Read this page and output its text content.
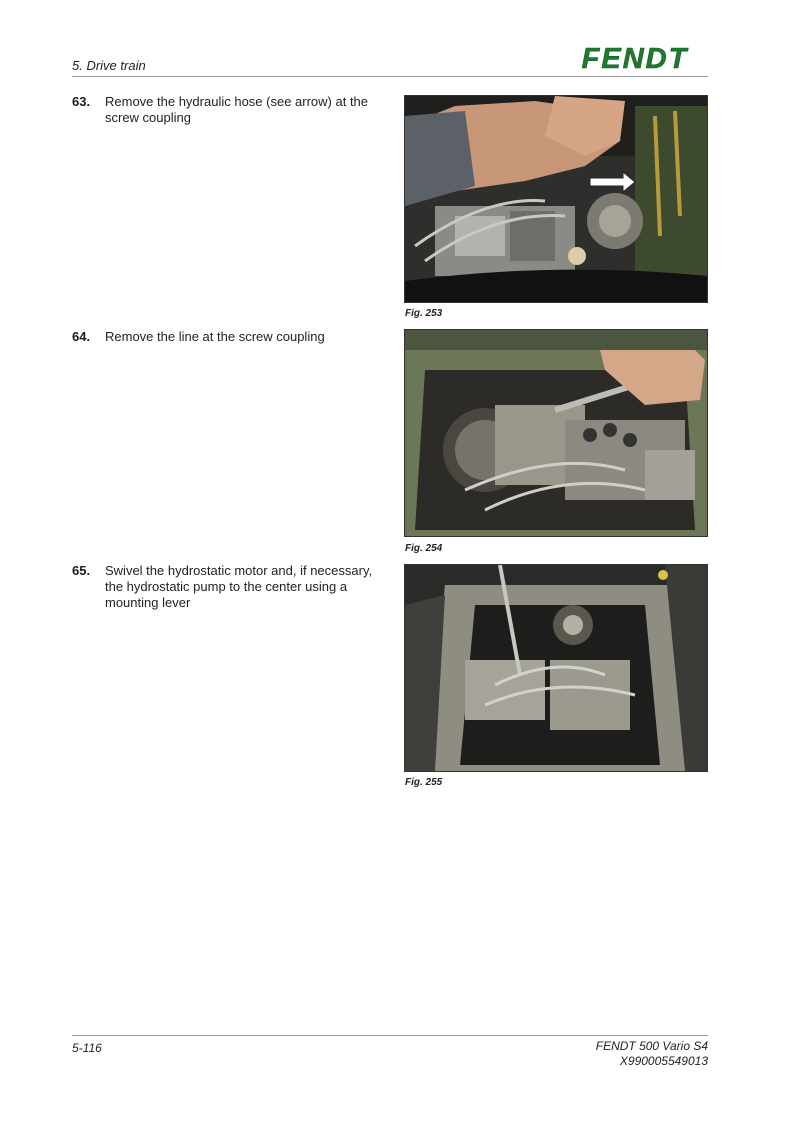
5. Drive train	FENDT
63. Remove the hydraulic hose (see arrow) at the screw coupling
Fig. 253
64. Remove the line at the screw coupling
Fig. 254
65. Swivel the hydrostatic motor and, if necessary, the hydrostatic pump to the center using a mounting lever
Fig. 255
5-116	FENDT 500 Vario S4
X990005549013
